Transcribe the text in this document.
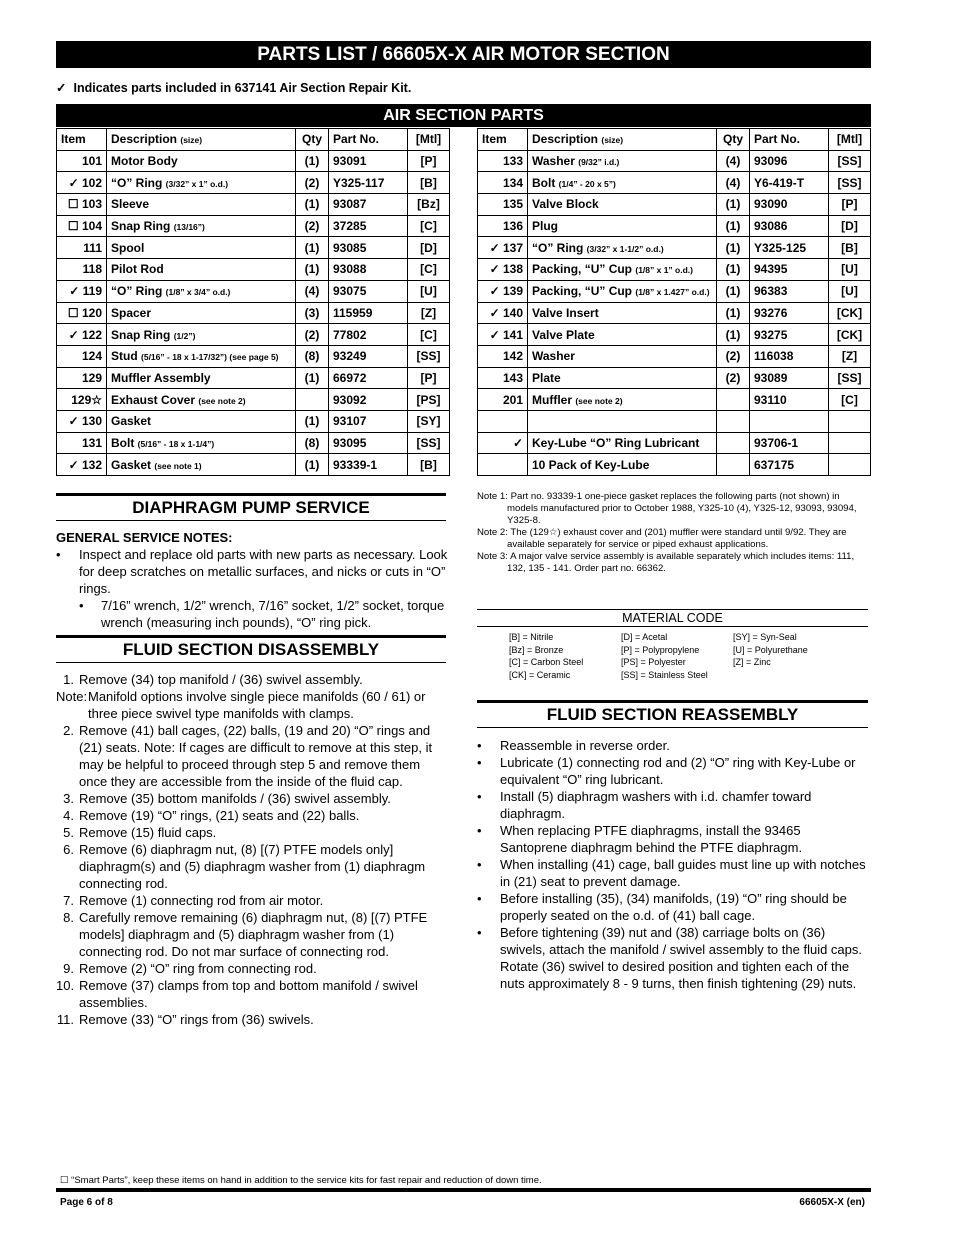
PARTS LIST / 66605X-X AIR MOTOR SECTION
✓ Indicates parts included in 637141 Air Section Repair Kit.
AIR SECTION PARTS
Item	Description (size)	Qty	Part No.	[Mtl]
101	Motor Body	(1)	93091	[P]
✓ 102	“O” Ring (3/32” x 1” o.d.)	(2)	Y325-117	[B]
☐ 103	Sleeve	(1)	93087	[Bz]
☐ 104	Snap Ring (13/16”)	(2)	37285	[C]
111	Spool	(1)	93085	[D]
118	Pilot Rod	(1)	93088	[C]
✓ 119	“O” Ring (1/8” x 3/4” o.d.)	(4)	93075	[U]
☐ 120	Spacer	(3)	115959	[Z]
✓ 122	Snap Ring (1/2”)	(2)	77802	[C]
124	Stud (5/16” - 18 x 1-17/32”) (see page 5)	(8)	93249	[SS]
129	Muffler Assembly	(1)	66972	[P]
129☆	Exhaust Cover (see note 2)		93092	[PS]
✓ 130	Gasket	(1)	93107	[SY]
131	Bolt (5/16” - 18 x 1-1/4”)	(8)	93095	[SS]
✓ 132	Gasket (see note 1)	(1)	93339-1	[B]
Item	Description (size)	Qty	Part No.	[Mtl]
133	Washer (9/32” i.d.)	(4)	93096	[SS]
134	Bolt (1/4” - 20 x 5”)	(4)	Y6-419-T	[SS]
135	Valve Block	(1)	93090	[P]
136	Plug	(1)	93086	[D]
✓ 137	“O” Ring (3/32” x 1-1/2” o.d.)	(1)	Y325-125	[B]
✓ 138	Packing, “U” Cup (1/8” x 1” o.d.)	(1)	94395	[U]
✓ 139	Packing, “U” Cup (1/8” x 1.427” o.d.)	(1)	96383	[U]
✓ 140	Valve Insert	(1)	93276	[CK]
✓ 141	Valve Plate	(1)	93275	[CK]
142	Washer	(2)	116038	[Z]
143	Plate	(2)	93089	[SS]
201	Muffler (see note 2)		93110	[C]

✓	Key-Lube “O” Ring Lubricant		93706-1	
	10 Pack of Key-Lube		637175	
DIAPHRAGM PUMP SERVICE
GENERAL SERVICE NOTES:
• Inspect and replace old parts with new parts as necessary. Look for deep scratches on metallic surfaces, and nicks or cuts in “O” rings.
• 7/16” wrench, 1/2” wrench, 7/16” socket, 1/2” socket, torque wrench (measuring inch pounds), “O” ring pick.
FLUID SECTION DISASSEMBLY
1. Remove (34) top manifold / (36) swivel assembly.
Note: Manifold options involve single piece manifolds (60 / 61) or three piece swivel type manifolds with clamps.
2. Remove (41) ball cages, (22) balls, (19 and 20) “O” rings and (21) seats. Note: If cages are difficult to remove at this step, it may be helpful to proceed through step 5 and remove them once they are accessible from the inside of the fluid cap.
3. Remove (35) bottom manifolds / (36) swivel assembly.
4. Remove (19) “O” rings, (21) seats and (22) balls.
5. Remove (15) fluid caps.
6. Remove (6) diaphragm nut, (8) [(7) PTFE models only] diaphragm(s) and (5) diaphragm washer from (1) diaphragm connecting rod.
7. Remove (1) connecting rod from air motor.
8. Carefully remove remaining (6) diaphragm nut, (8) [(7) PTFE models] diaphragm and (5) diaphragm washer from (1) connecting rod. Do not mar surface of connecting rod.
9. Remove (2) “O” ring from connecting rod.
10. Remove (37) clamps from top and bottom manifold / swivel assemblies.
11. Remove (33) “O” rings from (36) swivels.

Note 1: Part no. 93339-1 one-piece gasket replaces the following parts (not shown) in models manufactured prior to October 1988, Y325-10 (4), Y325-12, 93093, 93094, Y325-8.

Note 2: The (129☆) exhaust cover and (201) muffler were standard until 9/92. They are available separately for service or piped exhaust applications.

Note 3: A major valve service assembly is available separately which includes items: 111, 132, 135 - 141. Order part no. 66362.

MATERIAL CODE
[B] = Nitrile
[Bz] = Bronze
[C] = Carbon Steel
[CK] = Ceramic
[D] = Acetal
[P] = Polypropylene
[PS] = Polyester
[SS] = Stainless Steel
[SY] = Syn-Seal
[U] = Polyurethane
[Z] = Zinc
FLUID SECTION REASSEMBLY
• Reassemble in reverse order.
• Lubricate (1) connecting rod and (2) “O” ring with Key-Lube or equivalent “O” ring lubricant.
• Install (5) diaphragm washers with i.d. chamfer toward diaphragm.
• When replacing PTFE diaphragms, install the 93465 Santoprene diaphragm behind the PTFE diaphragm.
• When installing (41) cage, ball guides must line up with notches in (21) seat to prevent damage.
• Before installing (35), (34) manifolds, (19) “O” ring should be properly seated on the o.d. of (41) ball cage.
• Before tightening (39) nut and (38) carriage bolts on (36) swivels, attach the manifold / swivel assembly to the fluid caps. Rotate (36) swivel to desired position and tighten each of the nuts approximately 8 - 9 turns, then finish tightening (29) nuts.
☐ “Smart Parts”, keep these items on hand in addition to the service kits for fast repair and reduction of down time.
Page 6 of 8	66605X-X (en)
